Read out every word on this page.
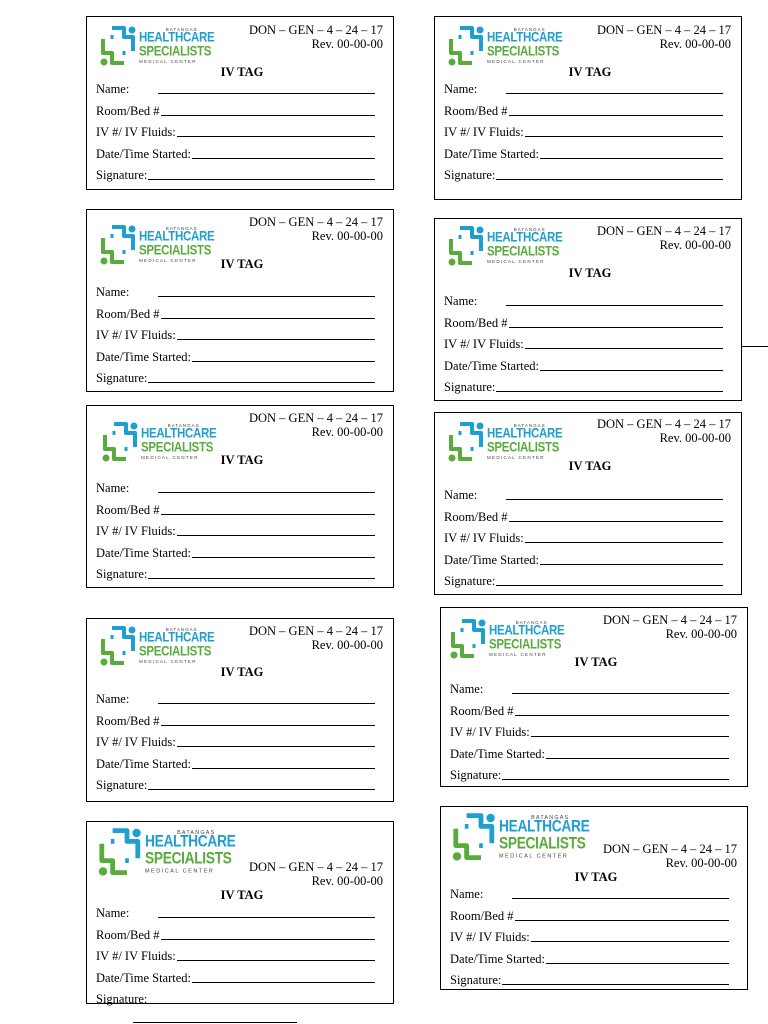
BATANGAS
HEALTHCARE
SPECIALISTS
MEDICAL CENTER
DON – GEN – 4 – 24 – 17
Rev. 00-00-00
IV TAG
Name:
Room/Bed #
IV #/ IV Fluids:
Date/Time Started:
Signature:
BATANGAS
HEALTHCARE
SPECIALISTS
MEDICAL CENTER
DON – GEN – 4 – 24 – 17
Rev. 00-00-00
IV TAG
Name:
Room/Bed #
IV #/ IV Fluids:
Date/Time Started:
Signature:
BATANGAS
HEALTHCARE
SPECIALISTS
MEDICAL CENTER
DON – GEN – 4 – 24 – 17
Rev. 00-00-00
IV TAG
Name:
Room/Bed #
IV #/ IV Fluids:
Date/Time Started:
Signature:
BATANGAS
HEALTHCARE
SPECIALISTS
MEDICAL CENTER
DON – GEN – 4 – 24 – 17
Rev. 00-00-00
IV TAG
Name:
Room/Bed #
IV #/ IV Fluids:
Date/Time Started:
Signature:
BATANGAS
HEALTHCARE
SPECIALISTS
MEDICAL CENTER
DON – GEN – 4 – 24 – 17
Rev. 00-00-00
IV TAG
Name:
Room/Bed #
IV #/ IV Fluids:
Date/Time Started:
Signature:
BATANGAS
HEALTHCARE
SPECIALISTS
MEDICAL CENTER
DON – GEN – 4 – 24 – 17
Rev. 00-00-00
IV TAG
Name:
Room/Bed #
IV #/ IV Fluids:
Date/Time Started:
Signature:
BATANGAS
HEALTHCARE
SPECIALISTS
MEDICAL CENTER
DON – GEN – 4 – 24 – 17
Rev. 00-00-00
IV TAG
Name:
Room/Bed #
IV #/ IV Fluids:
Date/Time Started:
Signature:
BATANGAS
HEALTHCARE
SPECIALISTS
MEDICAL CENTER
DON – GEN – 4 – 24 – 17
Rev. 00-00-00
IV TAG
Name:
Room/Bed #
IV #/ IV Fluids:
Date/Time Started:
Signature:
BATANGAS
HEALTHCARE
SPECIALISTS
MEDICAL CENTER	DON – GEN – 4 – 24 – 17
Rev. 00-00-00
IV TAG
Name:
Room/Bed #
IV #/ IV Fluids:
Date/Time Started:
Signature:
BATANGAS
HEALTHCARE
SPECIALISTS
MEDICAL CENTER	DON – GEN – 4 – 24 – 17
Rev. 00-00-00
IV TAG
Name:
Room/Bed #
IV #/ IV Fluids:
Date/Time Started:
Signature:
